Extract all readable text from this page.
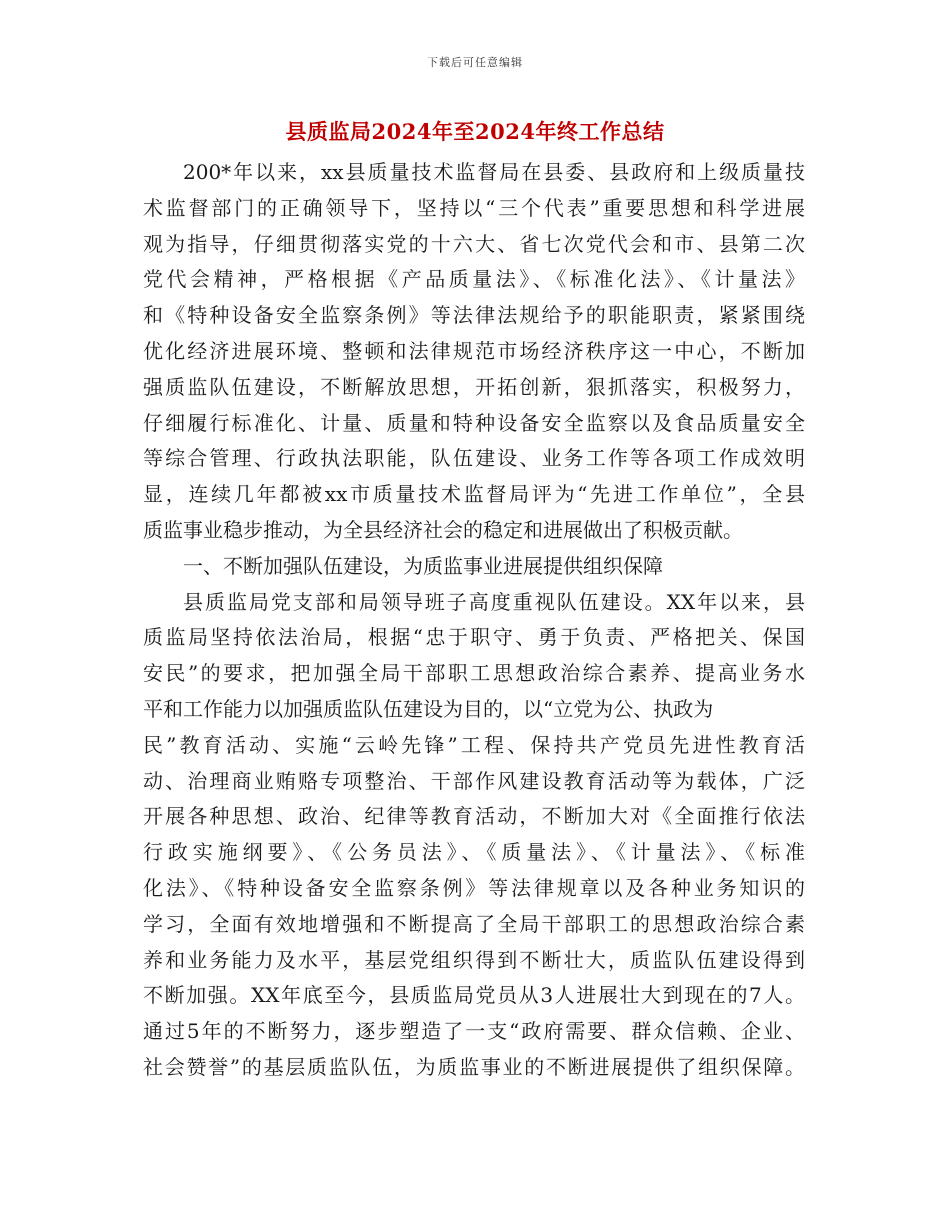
下载后可任意编辑
县质监局2024年至2024年终工作总结
200*年以来，xx县质量技术监督局在县委、县政府和上级质量技
术监督部门的正确领导下，坚持以“三个代表”重要思想和科学进展
观为指导，仔细贯彻落实党的十六大、省七次党代会和市、县第二次
党代会精神，严格根据《产品质量法》、《标准化法》、《计量法》
和《特种设备安全监察条例》等法律法规给予的职能职责，紧紧围绕
优化经济进展环境、整顿和法律规范市场经济秩序这一中心，不断加
强质监队伍建设，不断解放思想，开拓创新，狠抓落实，积极努力，
仔细履行标准化、计量、质量和特种设备安全监察以及食品质量安全
等综合管理、行政执法职能，队伍建设、业务工作等各项工作成效明
显，连续几年都被xx市质量技术监督局评为“先进工作单位”，全县
质监事业稳步推动，为全县经济社会的稳定和进展做出了积极贡献。
一、不断加强队伍建设，为质监事业进展提供组织保障
县质监局党支部和局领导班子高度重视队伍建设。XX年以来，县
质监局坚持依法治局，根据“忠于职守、勇于负责、严格把关、保国
安民”的要求，把加强全局干部职工思想政治综合素养、提高业务水
平和工作能力以加强质监队伍建设为目的，以“立党为公、执政为
民”教育活动、实施“云岭先锋”工程、保持共产党员先进性教育活
动、治理商业贿赂专项整治、干部作风建设教育活动等为载体，广泛
开展各种思想、政治、纪律等教育活动，不断加大对《全面推行依法
行政实施纲要》、《公务员法》、《质量法》、《计量法》、《标准
化法》、《特种设备安全监察条例》等法律规章以及各种业务知识的
学习，全面有效地增强和不断提高了全局干部职工的思想政治综合素
养和业务能力及水平，基层党组织得到不断壮大，质监队伍建设得到
不断加强。XX年底至今，县质监局党员从3人进展壮大到现在的7人。
通过5年的不断努力，逐步塑造了一支“政府需要、群众信赖、企业、
社会赞誉”的基层质监队伍，为质监事业的不断进展提供了组织保障。
